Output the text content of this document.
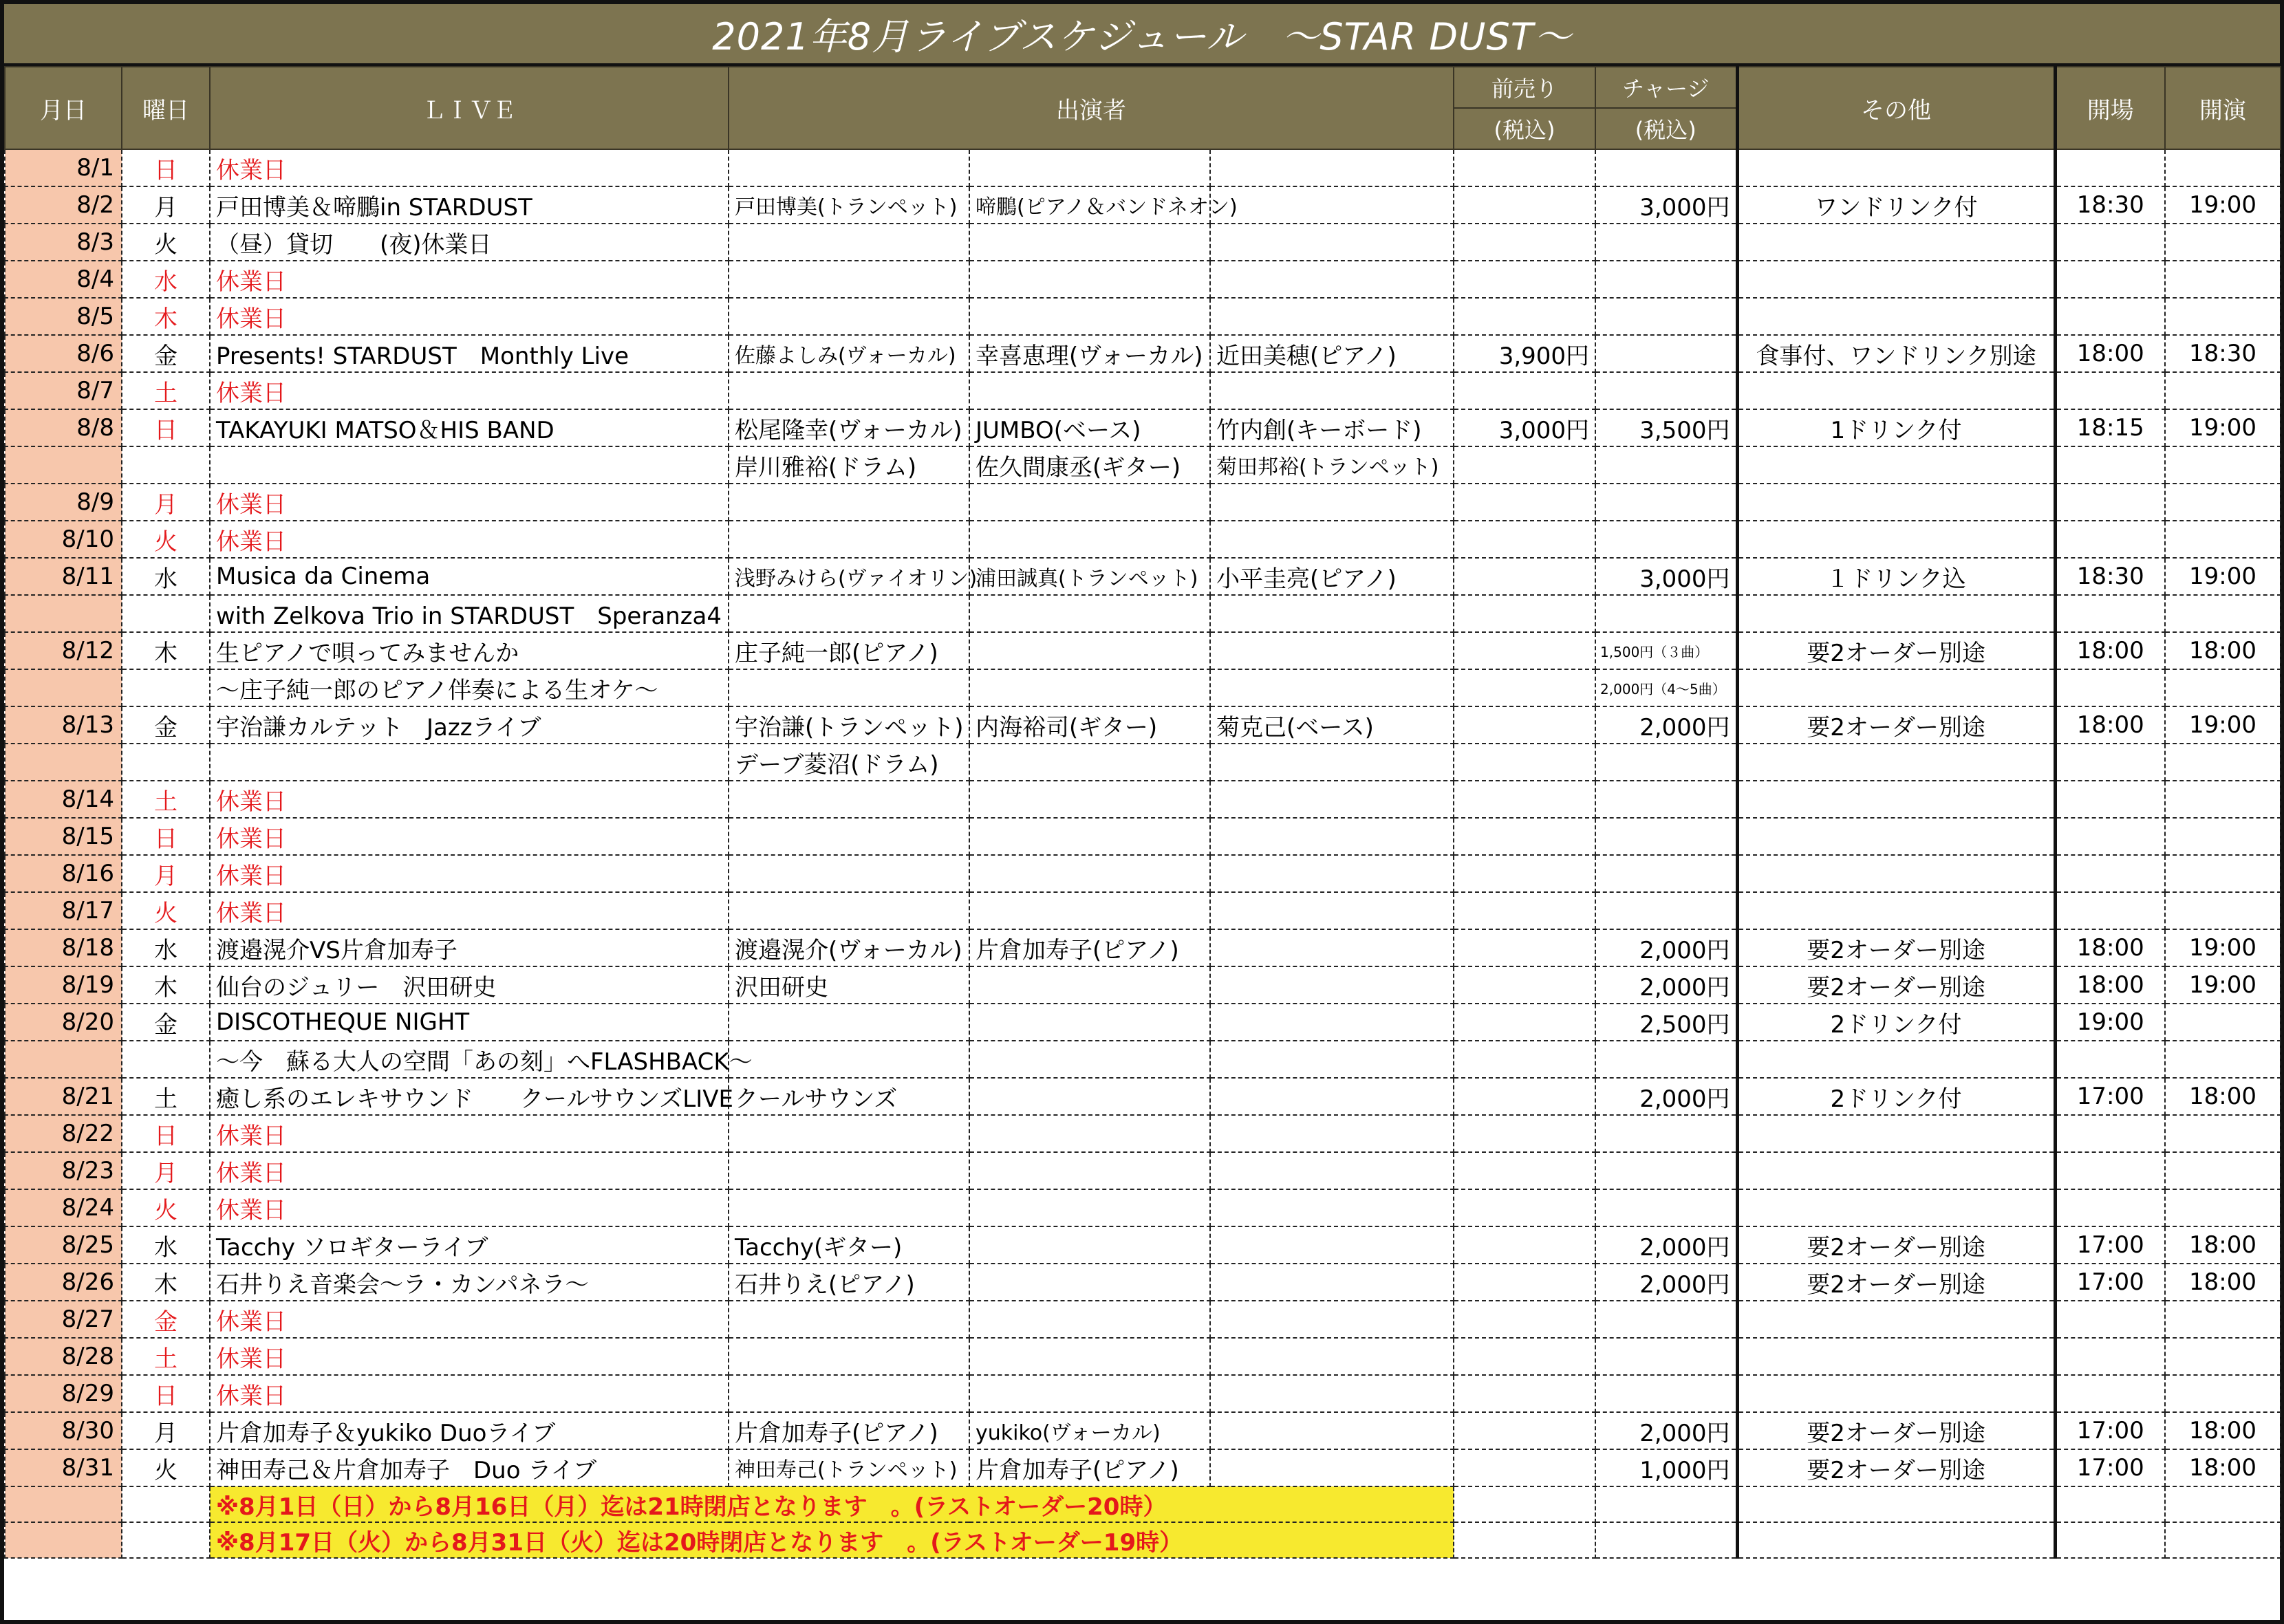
2021年8月ライブスケジュール　〜STAR DUST〜
月日	曜日	ＬＩＶＥ	出演者			前売り	チャージ	その他	開場	開演
						(税込)	(税込)			
8/1	日	休業日								
8/2	月	戸田博美＆啼鵬in STARDUST	戸田博美(トランペット)	啼鵬(ピアノ＆バンドネオン)			3,000円	ワンドリンク付	18:30	19:00
8/3	火	（昼）貸切　　(夜)休業日								
8/4	水	休業日								
8/5	木	休業日								
8/6	金	Presents! STARDUST　Monthly Live	佐藤よしみ(ヴォーカル)	幸喜恵理(ヴォーカル)	近田美穂(ピアノ)	3,900円		食事付、ワンドリンク別途	18:00	18:30
8/7	土	休業日								
8/8	日	TAKAYUKI MATSO＆HIS BAND	松尾隆幸(ヴォーカル)	JUMBO(ベース)	竹内創(キーボード)	3,000円	3,500円	1ドリンク付	18:15	19:00
			岸川雅裕(ドラム)	佐久間康丞(ギター)	菊田邦裕(トランペット)					
8/9	月	休業日								
8/10	火	休業日								
8/11	水	Musica da Cinema	浅野みけら(ヴァイオリン)	浦田誠真(トランペット)	小平圭亮(ピアノ)		3,000円	１ドリンク込	18:30	19:00
		with Zelkova Trio in STARDUST　Speranza4								
8/12	木	生ピアノで唄ってみませんか	庄子純一郎(ピアノ)				1,500円（３曲）	要2オーダー別途	18:00	18:00
		〜庄子純一郎のピアノ伴奏による生オケ〜					2,000円（4〜5曲）			
8/13	金	宇治謙カルテット　Jazzライブ	宇治謙(トランペット)	内海裕司(ギター)	菊克己(ベース)		2,000円	要2オーダー別途	18:00	19:00
			デーブ菱沼(ドラム)							
8/14	土	休業日								
8/15	日	休業日								
8/16	月	休業日								
8/17	火	休業日								
8/18	水	渡邉滉介VS片倉加寿子	渡邉滉介(ヴォーカル)	片倉加寿子(ピアノ)			2,000円	要2オーダー別途	18:00	19:00
8/19	木	仙台のジュリー　沢田研史	沢田研史				2,000円	要2オーダー別途	18:00	19:00
8/20	金	DISCOTHEQUE NIGHT					2,500円	2ドリンク付	19:00	
		〜今　蘇る大人の空間「あの刻」へFLASHBACK〜								
8/21	土	癒し系のエレキサウンド　　クールサウンズLIVE	クールサウンズ				2,000円	2ドリンク付	17:00	18:00
8/22	日	休業日								
8/23	月	休業日								
8/24	火	休業日								
8/25	水	Tacchy ソロギターライブ	Tacchy(ギター)				2,000円	要2オーダー別途	17:00	18:00
8/26	木	石井りえ音楽会〜ラ・カンパネラ〜	石井りえ(ピアノ)				2,000円	要2オーダー別途	17:00	18:00
8/27	金	休業日								
8/28	土	休業日								
8/29	日	休業日								
8/30	月	片倉加寿子＆yukiko Duoライブ	片倉加寿子(ピアノ)	yukiko(ヴォーカル)			2,000円	要2オーダー別途	17:00	18:00
8/31	火	神田寿己＆片倉加寿子　Duo ライブ	神田寿己(トランペット)	片倉加寿子(ピアノ)			1,000円	要2オーダー別途	17:00	18:00
		※8月1日（日）から8月16日（月）迄は21時閉店となります　。(ラストオーダー20時）								
		※8月17日（火）から8月31日（火）迄は20時閉店となります　。(ラストオーダー19時）								
